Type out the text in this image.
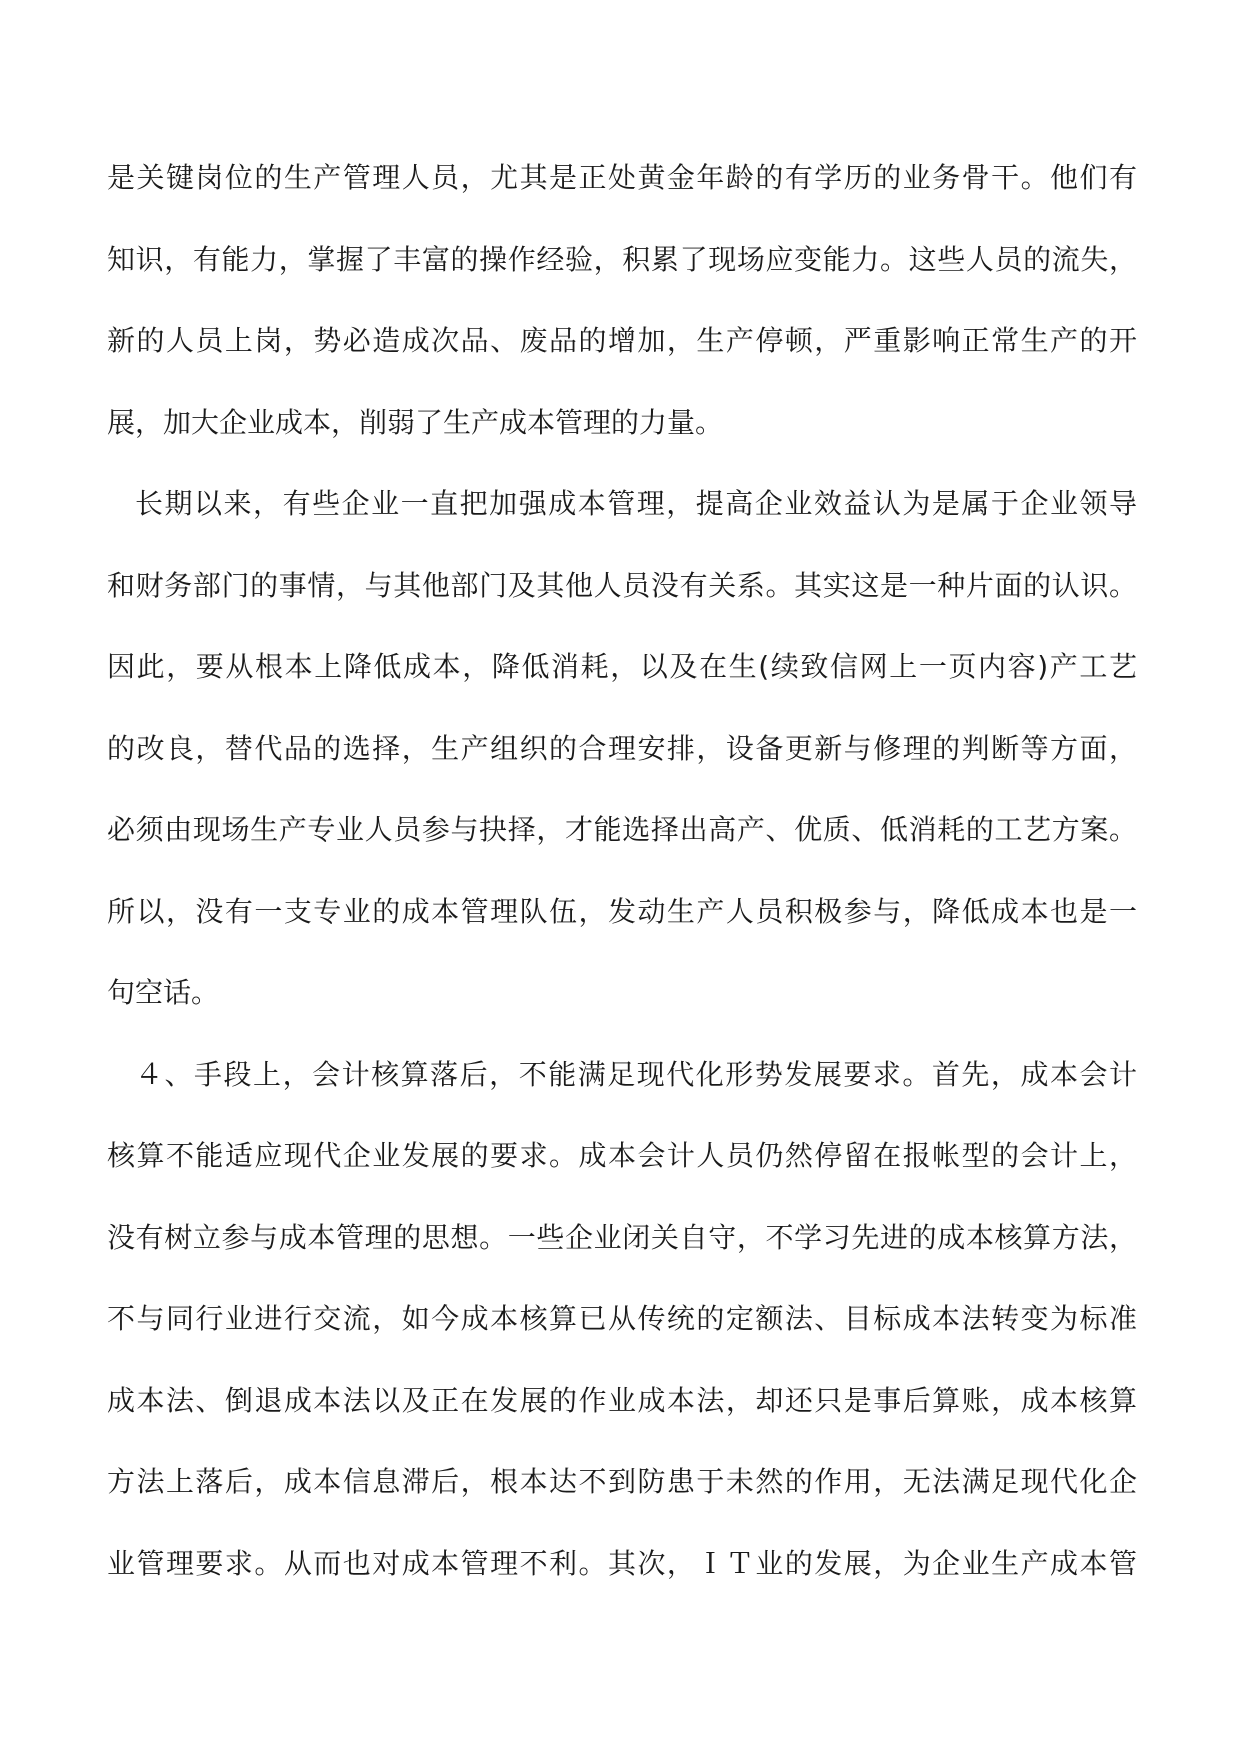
是关键岗位的生产管理人员，尤其是正处黄金年龄的有学历的业务骨干。他们有
知识，有能力，掌握了丰富的操作经验，积累了现场应变能力。这些人员的流失，
新的人员上岗，势必造成次品、废品的增加，生产停顿，严重影响正常生产的开
展，加大企业成本，削弱了生产成本管理的力量。
长期以来，有些企业一直把加强成本管理，提高企业效益认为是属于企业领导
和财务部门的事情，与其他部门及其他人员没有关系。其实这是一种片面的认识。
因此，要从根本上降低成本，降低消耗，以及在生(续致信网上一页内容)产工艺
的改良，替代品的选择，生产组织的合理安排，设备更新与修理的判断等方面，
必须由现场生产专业人员参与抉择，才能选择出高产、优质、低消耗的工艺方案。
所以，没有一支专业的成本管理队伍，发动生产人员积极参与，降低成本也是一
句空话。
４、手段上，会计核算落后，不能满足现代化形势发展要求。首先，成本会计
核算不能适应现代企业发展的要求。成本会计人员仍然停留在报帐型的会计上，
没有树立参与成本管理的思想。一些企业闭关自守，不学习先进的成本核算方法，
不与同行业进行交流，如今成本核算已从传统的定额法、目标成本法转变为标准
成本法、倒退成本法以及正在发展的作业成本法，却还只是事后算账，成本核算
方法上落后，成本信息滞后，根本达不到防患于未然的作用，无法满足现代化企
业管理要求。从而也对成本管理不利。其次，ＩＴ业的发展，为企业生产成本管
